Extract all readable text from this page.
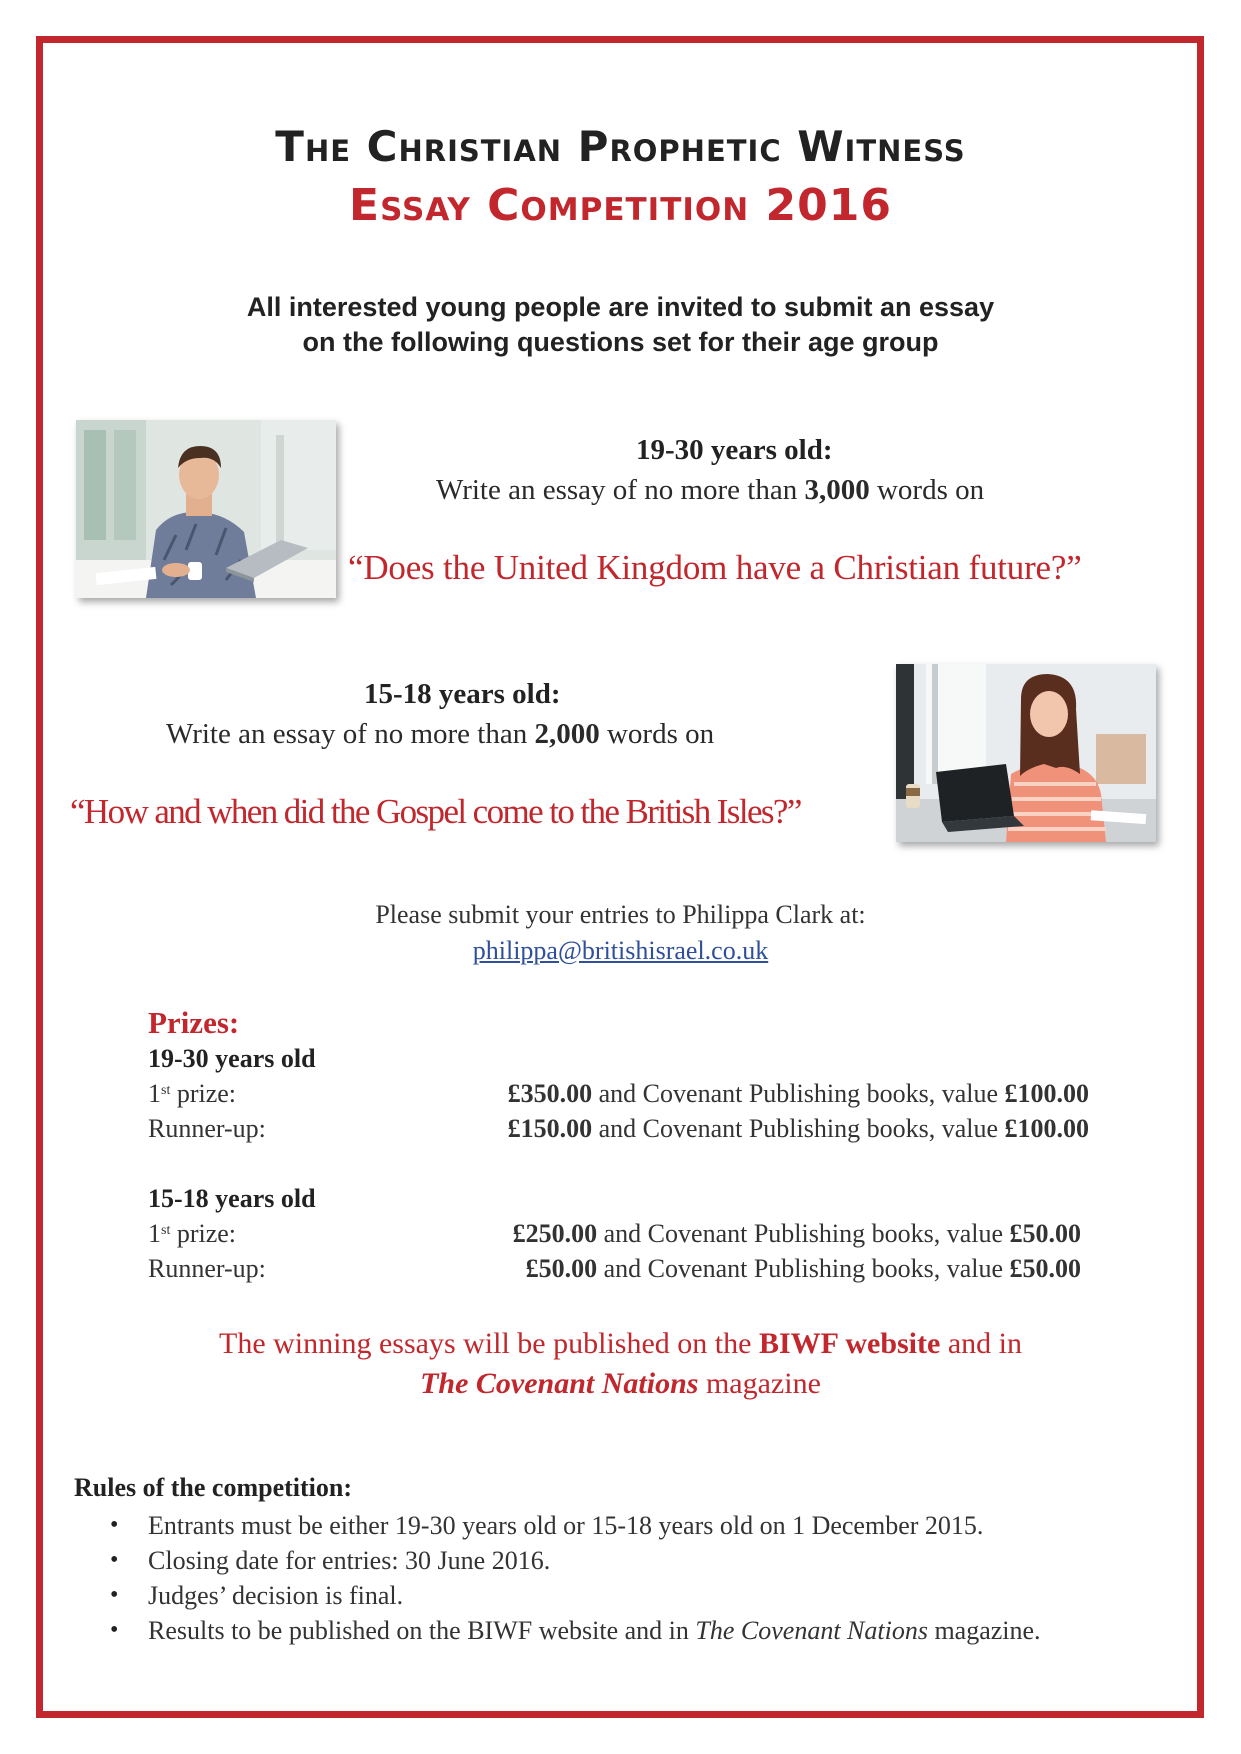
The Christian Prophetic Witness
Essay Competition 2016
All interested young people are invited to submit an essay
on the following questions set for their age group
19-30 years old:
Write an essay of no more than 3,000 words on
“Does the United Kingdom have a Christian future?”
15-18 years old:
Write an essay of no more than 2,000 words on
“How and when did the Gospel come to the British Isles?”
Please submit your entries to Philippa Clark at:
philippa@britishisrael.co.uk
Prizes:
19-30 years old
1st prize:	£350.00 and Covenant Publishing books, value £100.00
Runner-up:	£150.00 and Covenant Publishing books, value £100.00
15-18 years old
1st prize:	£250.00 and Covenant Publishing books, value £50.00
Runner-up:	£50.00 and Covenant Publishing books, value £50.00
The winning essays will be published on the BIWF website and in
The Covenant Nations magazine
Rules of the competition:
• Entrants must be either 19-30 years old or 15-18 years old on 1 December 2015.
• Closing date for entries: 30 June 2016.
• Judges’ decision is final.
• Results to be published on the BIWF website and in The Covenant Nations magazine.
